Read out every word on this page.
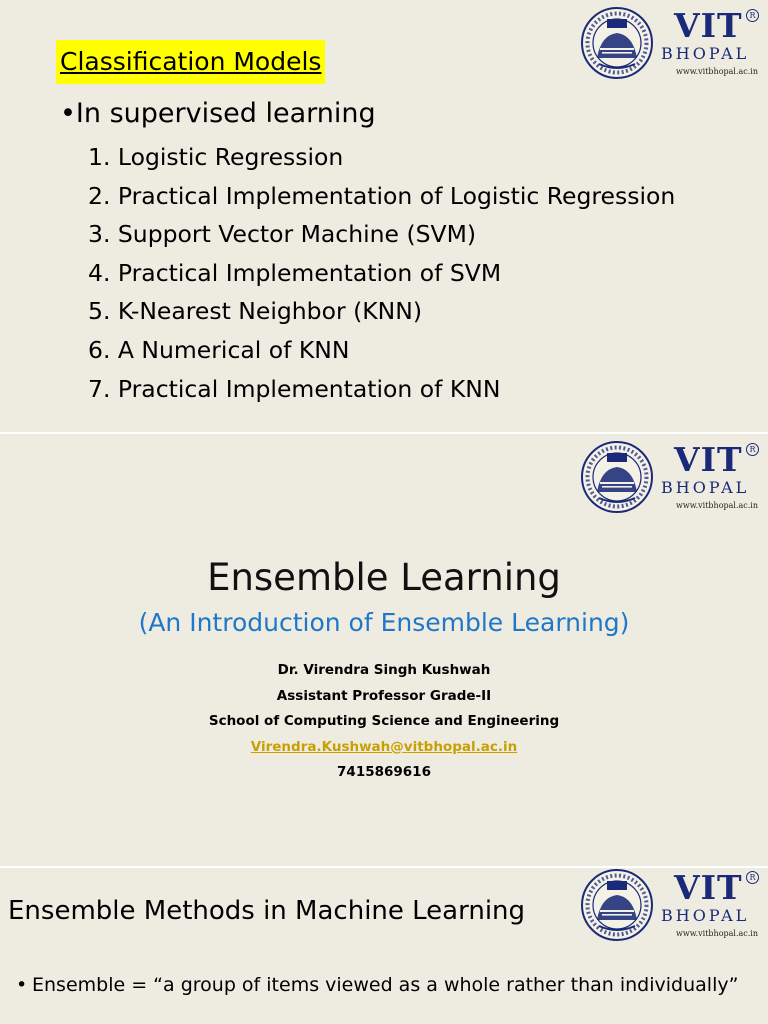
VIT R
BHOPAL
www.vitbhopal.ac.in
Classification Models
•In supervised learning
1. Logistic Regression
2. Practical Implementation of Logistic Regression
3. Support Vector Machine (SVM)
4. Practical Implementation of SVM
5. K-Nearest Neighbor (KNN)
6. A Numerical of KNN
7. Practical Implementation of KNN
VIT R
BHOPAL
www.vitbhopal.ac.in
Ensemble Learning
(An Introduction of Ensemble Learning)
Dr. Virendra Singh Kushwah
Assistant Professor Grade-II
School of Computing Science and Engineering
Virendra.Kushwah@vitbhopal.ac.in
7415869616
VIT R
BHOPAL
www.vitbhopal.ac.in
Ensemble Methods in Machine Learning
• Ensemble = “a group of items viewed as a whole rather than individually”
